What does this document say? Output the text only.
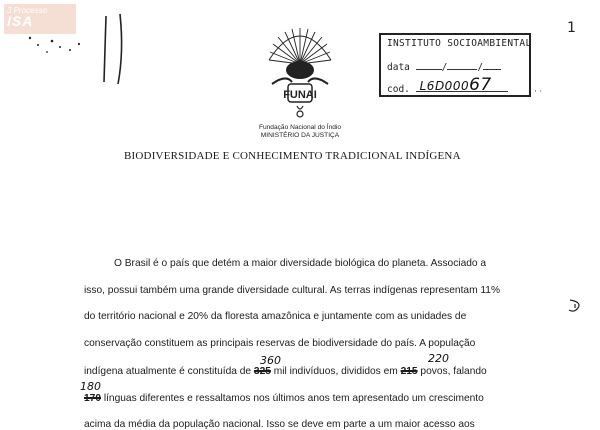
3 Processo
ISA	1
FUNAI
Fundação Nacional do Índio
MINISTÉRIO DA JUSTIÇA
INSTITUTO SOCIOAMBIENTAL
data	/	/
cod. L6D00067	· ·
BIODIVERSIDADE E CONHECIMENTO TRADICIONAL INDÍGENA
O Brasil é o país que detém a maior diversidade biológica do planeta. Associado a
isso, possui também uma grande diversidade cultural. As terras indígenas representam 11%
do território nacional e 20% da floresta amazônica e juntamente com as unidades de
conservação constituem as principais reservas de biodiversidade do país. A população
indígena atualmente é constituída de 325 mil indivíduos, divididos em 215 povos, falando
170 línguas diferentes e ressaltamos nos últimos anos tem apresentado um crescimento
acima da média da população nacional. Isso se deve em parte a um maior acesso aos
360	220
180
